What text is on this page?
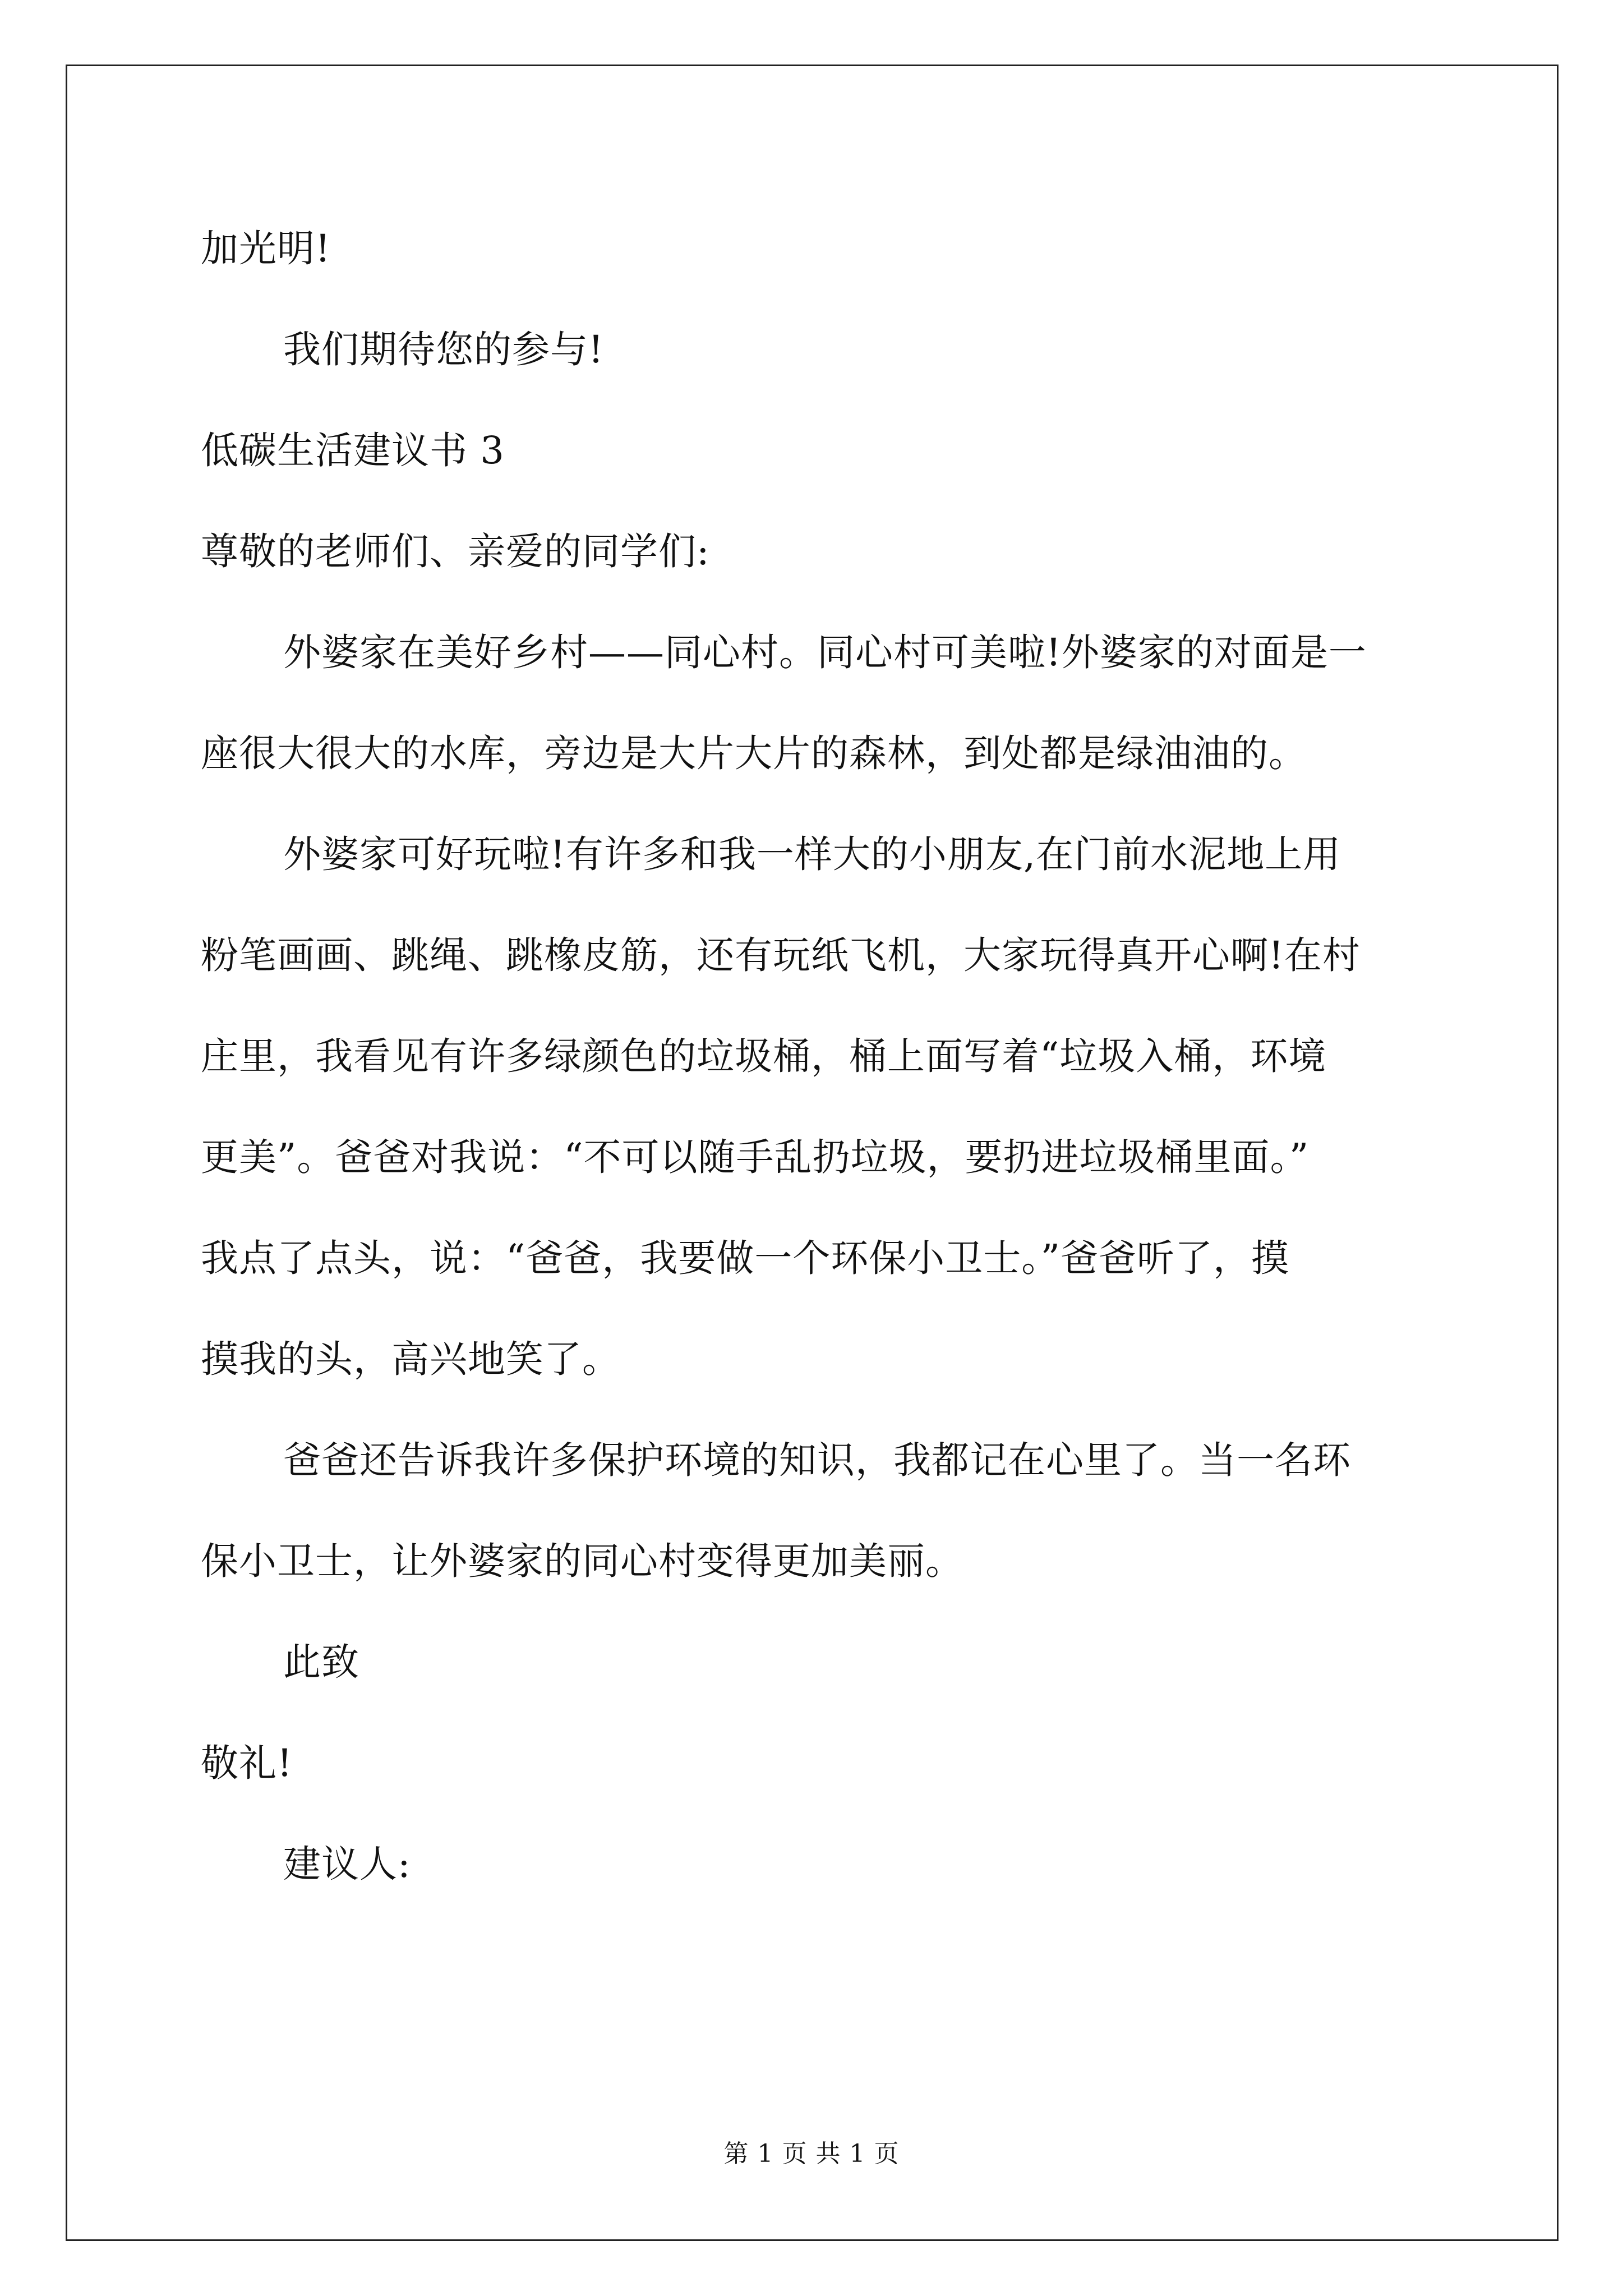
加光明!
我们期待您的参与!
低碳生活建议书 3
尊敬的老师们、亲爱的同学们:
外婆家在美好乡村——同心村。同心村可美啦!外婆家的对面是一
座很大很大的水库，旁边是大片大片的森林，到处都是绿油油的。
外婆家可好玩啦!有许多和我一样大的小朋友,在门前水泥地上用
粉笔画画、跳绳、跳橡皮筋，还有玩纸飞机，大家玩得真开心啊!在村
庄里，我看见有许多绿颜色的垃圾桶，桶上面写着“垃圾入桶，环境
更美”。爸爸对我说：“不可以随手乱扔垃圾，要扔进垃圾桶里面。”
我点了点头，说：“爸爸，我要做一个环保小卫士。”爸爸听了，摸
摸我的头，高兴地笑了。
爸爸还告诉我许多保护环境的知识，我都记在心里了。当一名环
保小卫士，让外婆家的同心村变得更加美丽。
此致
敬礼!
建议人:
第 1 页 共 1 页
